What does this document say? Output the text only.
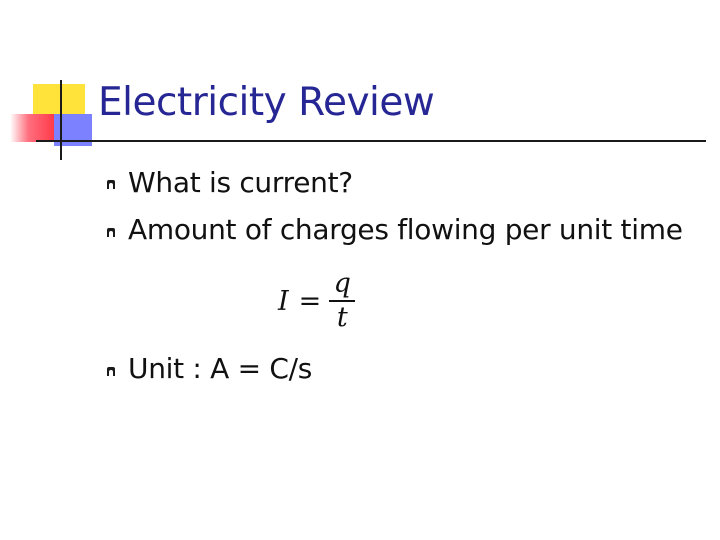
Electricity Review
What is current?
Amount of charges flowing per unit time
$I = \frac{q}{t}$
Unit : A = C/s
